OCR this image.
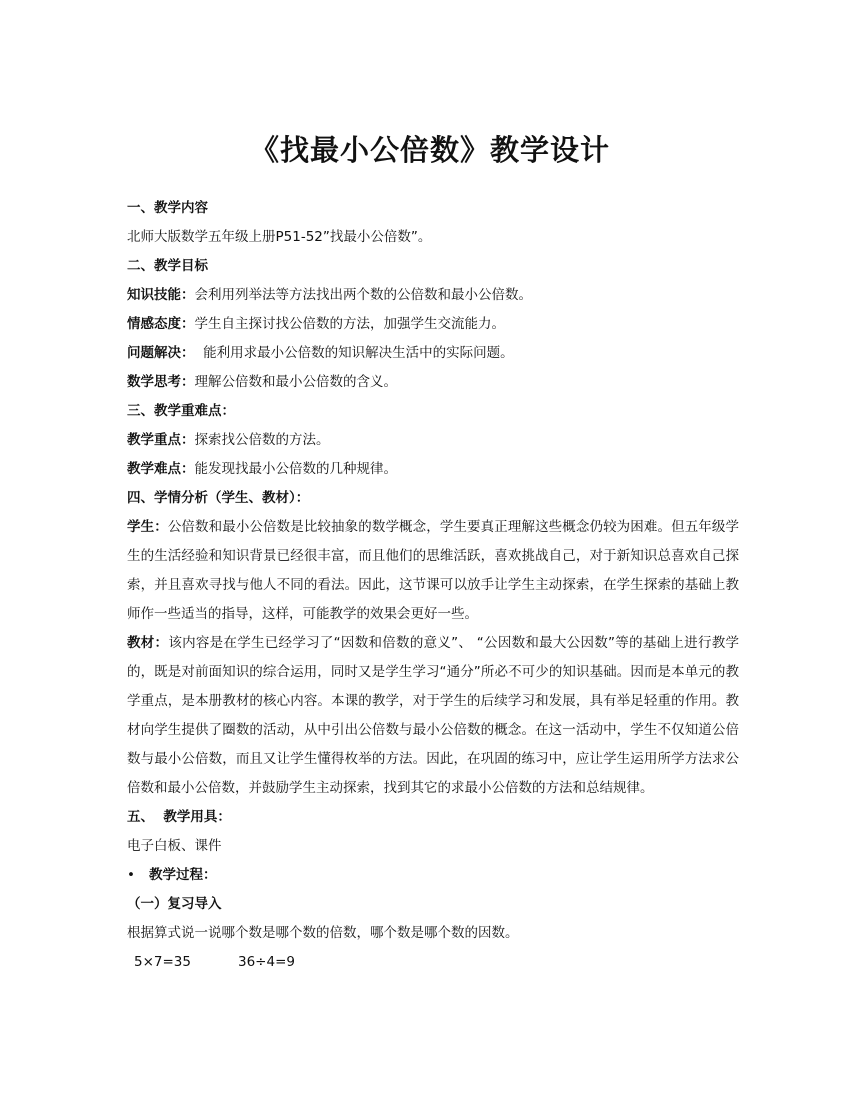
《找最小公倍数》教学设计
一、教学内容
北师大版数学五年级上册P51-52”找最小公倍数”。
二、教学目标
知识技能：会利用列举法等方法找出两个数的公倍数和最小公倍数。
情感态度：学生自主探讨找公倍数的方法，加强学生交流能力。
问题解决：  能利用求最小公倍数的知识解决生活中的实际问题。
数学思考：理解公倍数和最小公倍数的含义。
三、教学重难点：
教学重点：探索找公倍数的方法。
教学难点：能发现找最小公倍数的几种规律。
四、学情分析（学生、教材）：
学生：公倍数和最小公倍数是比较抽象的数学概念，学生要真正理解这些概念仍较为困难。但五年级学生的生活经验和知识背景已经很丰富，而且他们的思维活跃，喜欢挑战自己，对于新知识总喜欢自己探索，并且喜欢寻找与他人不同的看法。因此，这节课可以放手让学生主动探索，在学生探索的基础上教师作一些适当的指导，这样，可能教学的效果会更好一些。
教材：该内容是在学生已经学习了“因数和倍数的意义”、 “公因数和最大公因数”等的基础上进行教学的，既是对前面知识的综合运用，同时又是学生学习“通分”所必不可少的知识基础。因而是本单元的教学重点，是本册教材的核心内容。本课的教学，对于学生的后续学习和发展，具有举足轻重的作用。教材向学生提供了圈数的活动，从中引出公倍数与最小公倍数的概念。在这一活动中，学生不仅知道公倍数与最小公倍数，而且又让学生懂得枚举的方法。因此，在巩固的练习中，应让学生运用所学方法求公倍数和最小公倍数，并鼓励学生主动探索，找到其它的求最小公倍数的方法和总结规律。
五、  教学用具：
电子白板、课件
• 教学过程：
（一）复习导入
根据算式说一说哪个数是哪个数的倍数，哪个数是哪个数的因数。
5×7=35	36÷4=9
